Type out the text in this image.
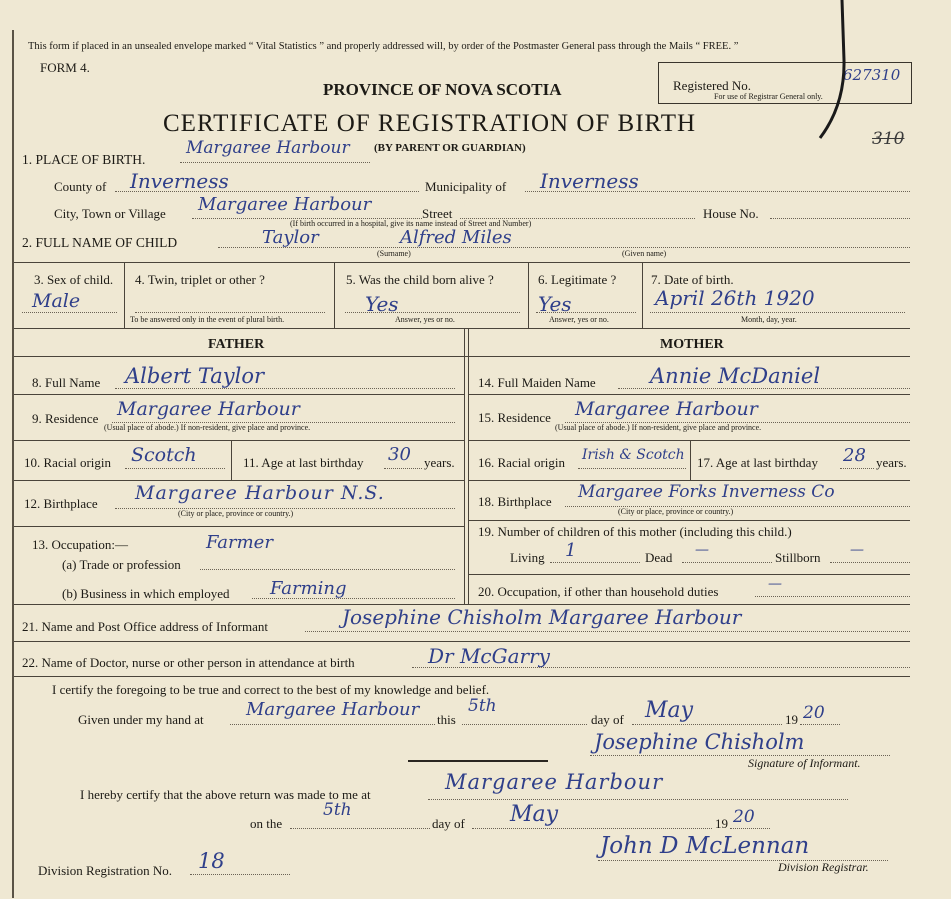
This form if placed in an unsealed envelope marked “ Vital Statistics ” and properly addressed will, by order of the Postmaster General pass through the Mails “ FREE. ”
FORM 4.
PROVINCE OF NOVA SCOTIA
CERTIFICATE OF REGISTRATION OF BIRTH
(BY PARENT OR GUARDIAN)
Registered No.
627310
For use of Registrar General only.
310
1. PLACE OF BIRTH.
Margaree Harbour
County of Inverness	Municipality of Inverness
City, Town or Village Margaree Harbour	Street
(If birth occurred in a hospital, give its name instead of Street and Number)
House No.
2. FULL NAME OF CHILD	Taylor	Alfred Miles
(Surname)	(Given name)
3. Sex of child.
Male
4. Twin, triplet or other ?
To be answered only in the event of plural birth.
5. Was the child born alive ?
Yes
Answer, yes or no.
6. Legitimate ?
Yes
Answer, yes or no.
7. Date of birth.
April 26th 1920
Month, day, year.
FATHER	MOTHER
8. Full Name Albert Taylor
9. Residence Margaree Harbour
(Usual place of abode.) If non-resident, give place and province.
10. Racial origin Scotch	11. Age at last birthday 30 years.
12. Birthplace Margaree Harbour N.S.
(City or place, province or country.)
13. Occupation:—	Farmer
(a) Trade or profession
(b) Business in which employed Farming
14. Full Maiden Name	Annie McDaniel
15. Residence Margaree Harbour
(Usual place of abode.) If non-resident, give place and province.
16. Racial origin Irish & Scotch 17. Age at last birthday 28 years.
18. Birthplace Margaree Forks Inverness Co
(City or place, province or country.)
19. Number of children of this mother (including this child.)
Living 1	Dead —	Stillborn —
20. Occupation, if other than household duties	—
21. Name and Post Office address of Informant	Josephine Chisholm Margaree Harbour
22. Name of Doctor, nurse or other person in attendance at birth	Dr McGarry
I certify the foregoing to be true and correct to the best of my knowledge and belief.
Given under my hand at Margaree Harbour this
5th
day of May	19 20
Josephine Chisholm
Signature of Informant.
I hereby certify that the above return was made to me at
Margaree Harbour
on the
5th
day of May	19 20
Division Registration No. 18
John D McLennan
Division Registrar.
